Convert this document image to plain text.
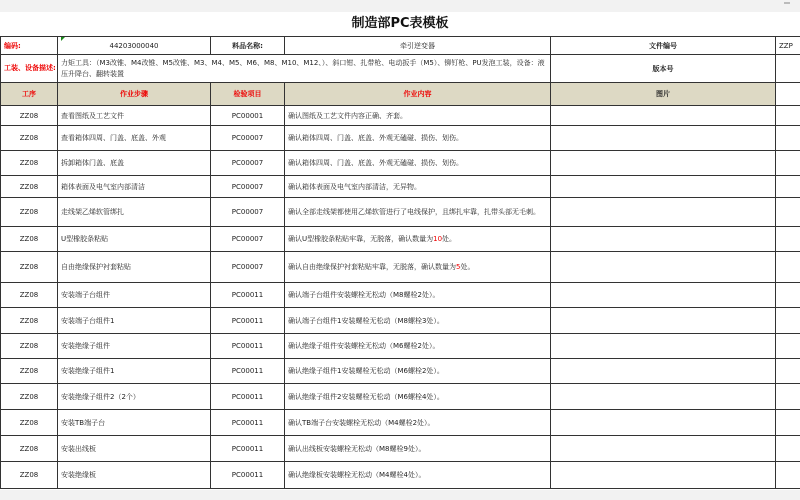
制造部PC表模板
编码:	44203000040	料品名称:	牵引逆变器	文件编号	ZZP
工装、设备描述:	力矩工具：（M3改锥、M4改锥、M5改锥、M3、M4、M5、M6、M8、M10、M12、）、斜口钳、扎带枪、电动扳手（M5）、铆钉枪、PU发泡工装，设备：液压升降台、翻转装置			版本号	
工序	作业步骤	检验项目	作业内容	图片	
ZZ08	查看图纸及工艺文件	PC00001	确认图纸及工艺文件内容正确、齐套。		
ZZ08	查看箱体四周、门盖、底盖、外观	PC00007	确认箱体四周、门盖、底盖、外观无磕碰、损伤、划伤。		
ZZ08	拆卸箱体门盖、底盖	PC00007	确认箱体四周、门盖、底盖、外观无磕碰、损伤、划伤。		
ZZ08	箱体表面及电气室内部清洁	PC00007	确认箱体表面及电气室内部清洁，无异物。		
ZZ08	走线架乙烯软管绑扎	PC00007	确认全部走线架都使用乙烯软管进行了电线保护，且绑扎牢靠，扎带头部无毛刺。		
ZZ08	U型橡胶条粘贴	PC00007	确认U型橡胶条粘贴牢靠，无脱落，确认数量为10处。		
ZZ08	自由绝缘保护衬套粘贴	PC00007	确认自由绝缘保护衬套粘贴牢靠，无脱落，确认数量为5处。		
ZZ08	安装端子台组件	PC00011	确认端子台组件安装螺栓无松动（M8螺栓2处）。		
ZZ08	安装端子台组件1	PC00011	确认端子台组件1安装螺栓无松动（M8螺栓3处）。		
ZZ08	安装绝缘子组件	PC00011	确认绝缘子组件安装螺栓无松动（M6螺栓2处）。		
ZZ08	安装绝缘子组件1	PC00011	确认绝缘子组件1安装螺栓无松动（M6螺栓2处）。		
ZZ08	安装绝缘子组件2（2个）	PC00011	确认绝缘子组件2安装螺栓无松动（M6螺栓4处）。		
ZZ08	安装TB端子台	PC00011	确认TB端子台安装螺栓无松动（M4螺栓2处）。		
ZZ08	安装出线板	PC00011	确认出线板安装螺栓无松动（M8螺栓9处）。		
ZZ08	安装绝缘板	PC00011	确认绝缘板安装螺栓无松动（M4螺栓4处）。		
